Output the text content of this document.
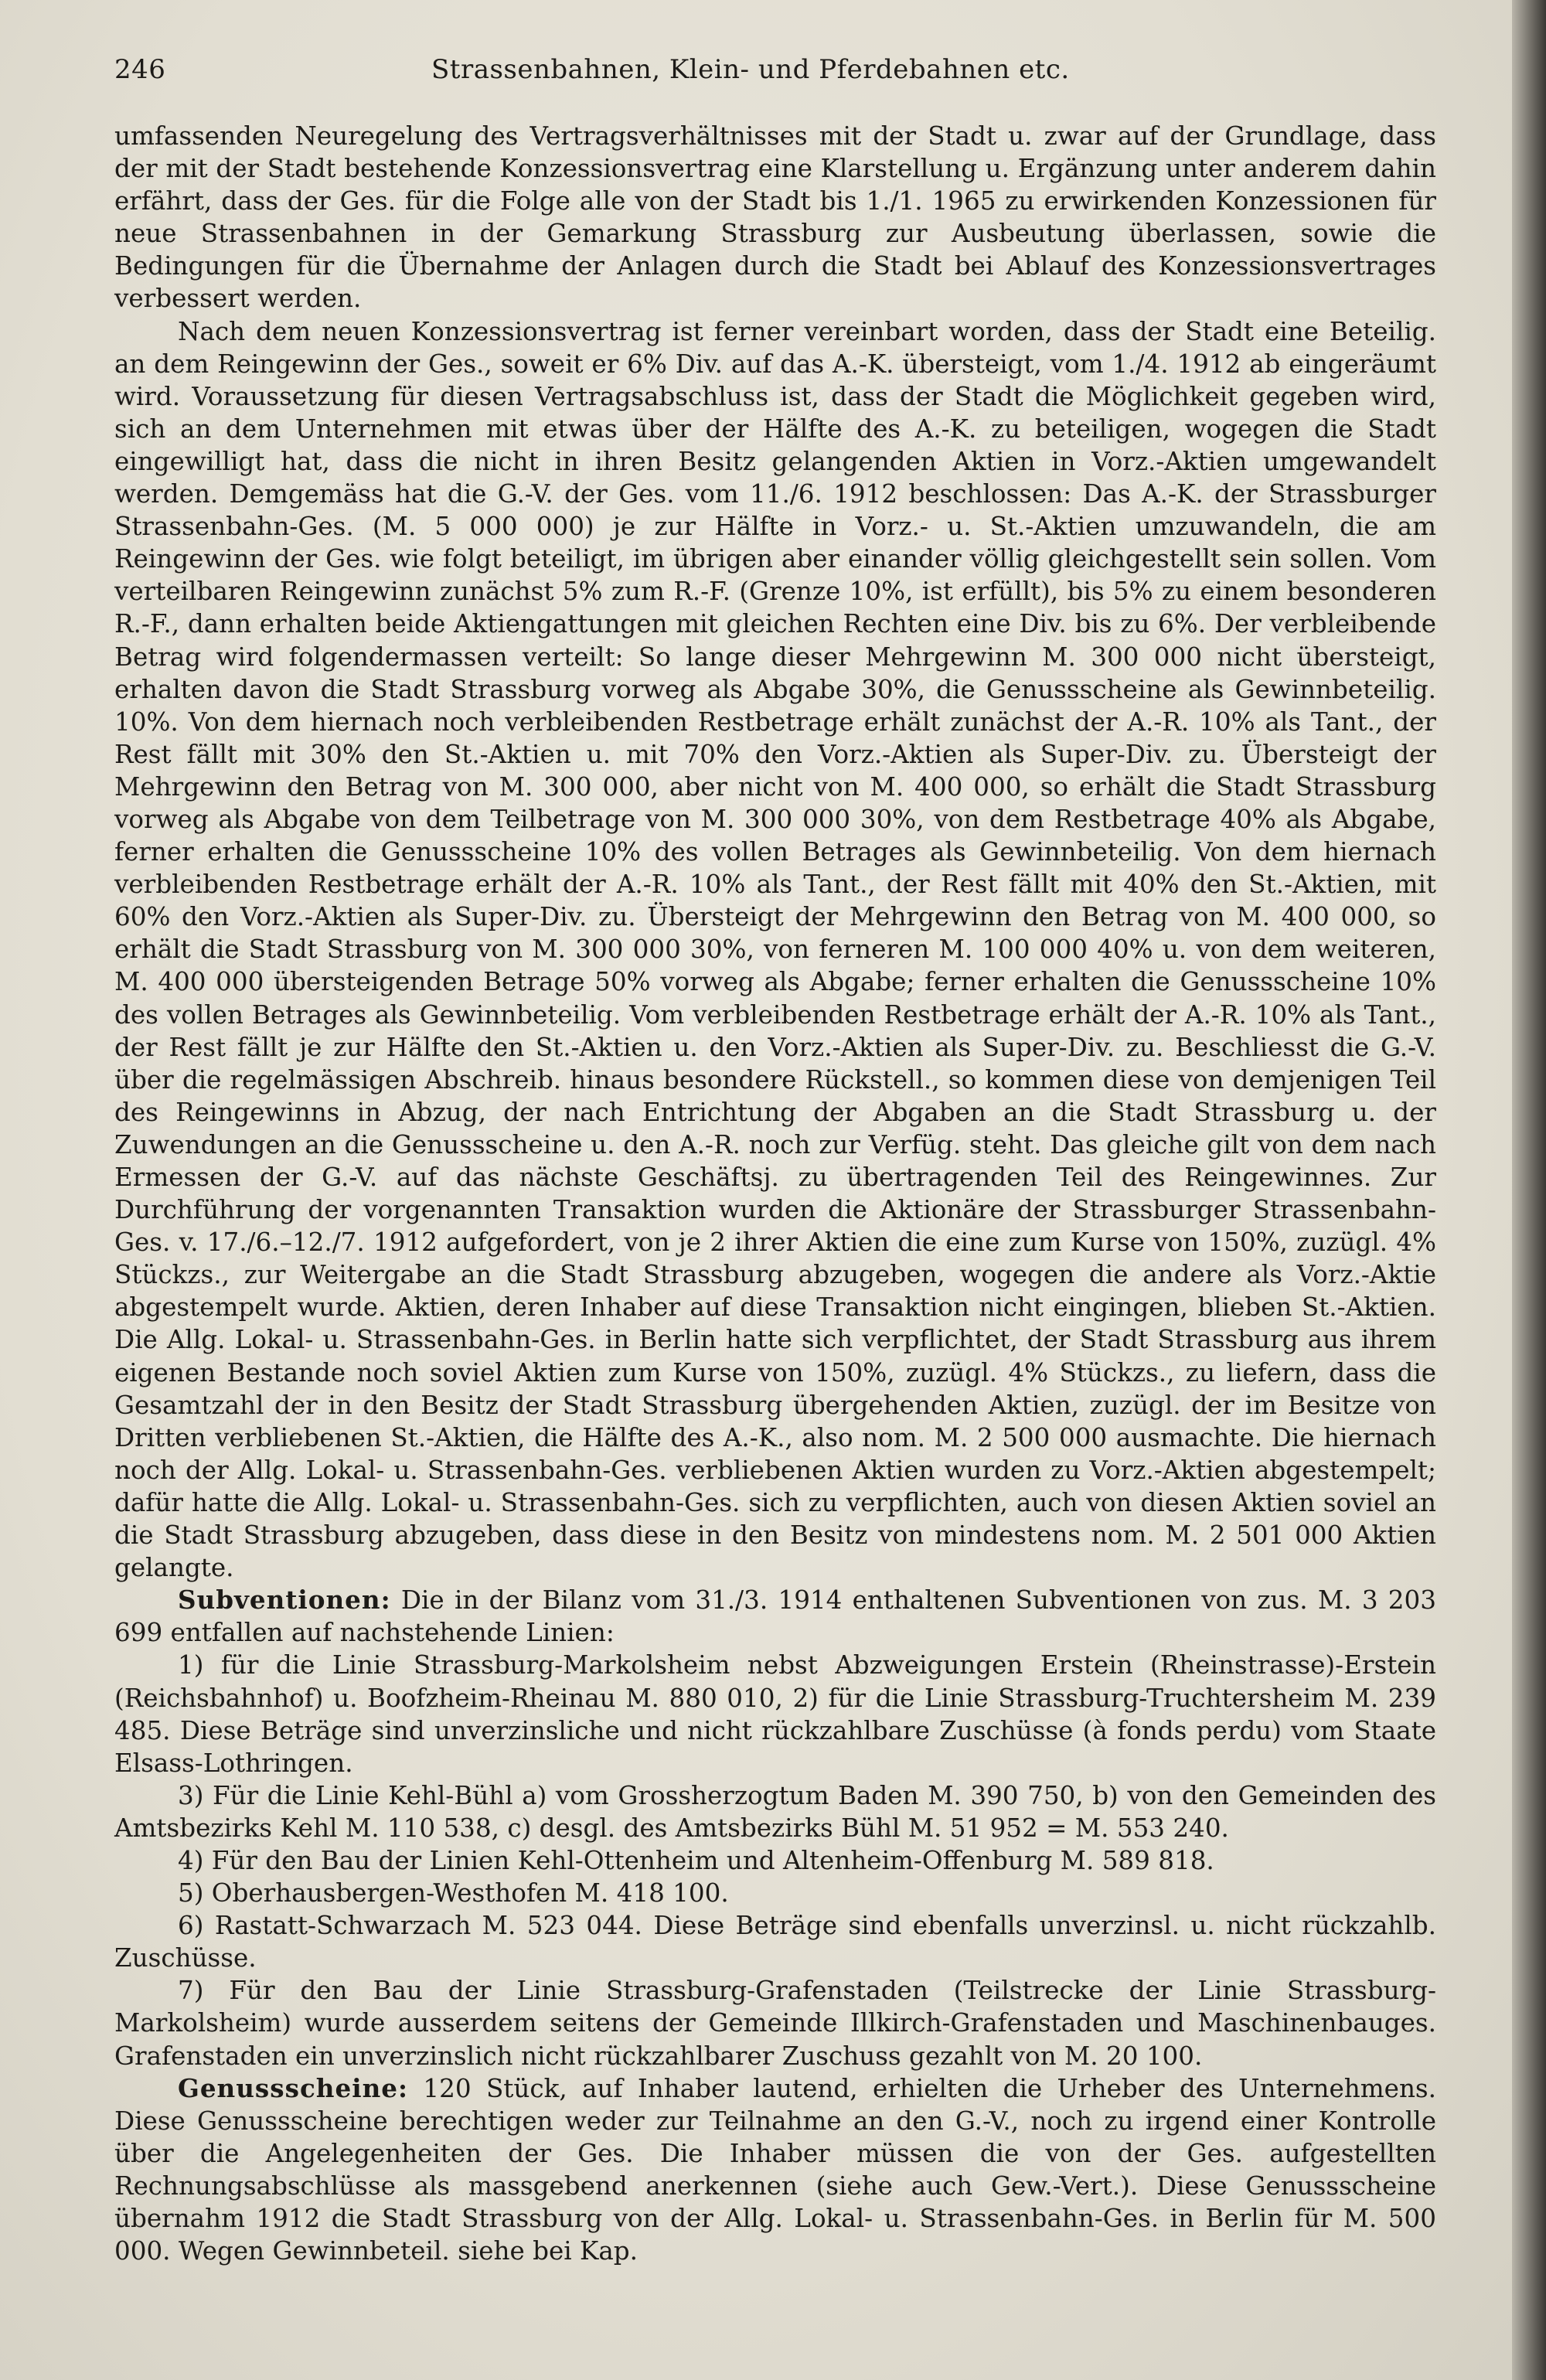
246	Strassenbahnen, Klein- und Pferdebahnen etc.

umfassenden Neuregelung des Vertragsverhältnisses mit der Stadt u. zwar auf der Grundlage, dass der mit der Stadt bestehende Konzessionsvertrag eine Klarstellung u. Ergänzung unter anderem dahin erfährt, dass der Ges. für die Folge alle von der Stadt bis 1./1. 1965 zu erwirkenden Konzessionen für neue Strassenbahnen in der Gemarkung Strassburg zur Ausbeutung überlassen, sowie die Bedingungen für die Übernahme der Anlagen durch die Stadt bei Ablauf des Konzessionsvertrages verbessert werden.

Nach dem neuen Konzessionsvertrag ist ferner vereinbart worden, dass der Stadt eine Beteilig. an dem Reingewinn der Ges., soweit er 6% Div. auf das A.-K. übersteigt, vom 1./4. 1912 ab eingeräumt wird. Voraussetzung für diesen Vertragsabschluss ist, dass der Stadt die Möglichkeit gegeben wird, sich an dem Unternehmen mit etwas über der Hälfte des A.-K. zu beteiligen, wogegen die Stadt eingewilligt hat, dass die nicht in ihren Besitz gelangenden Aktien in Vorz.-Aktien umgewandelt werden. Demgemäss hat die G.-V. der Ges. vom 11./6. 1912 beschlossen: Das A.-K. der Strassburger Strassenbahn-Ges. (M. 5 000 000) je zur Hälfte in Vorz.- u. St.-Aktien umzuwandeln, die am Reingewinn der Ges. wie folgt beteiligt, im übrigen aber einander völlig gleichgestellt sein sollen. Vom verteilbaren Reingewinn zunächst 5% zum R.-F. (Grenze 10%, ist erfüllt), bis 5% zu einem besonderen R.-F., dann erhalten beide Aktiengattungen mit gleichen Rechten eine Div. bis zu 6%. Der verbleibende Betrag wird folgendermassen verteilt: So lange dieser Mehrgewinn M. 300 000 nicht übersteigt, erhalten davon die Stadt Strassburg vorweg als Abgabe 30%, die Genussscheine als Gewinnbeteilig. 10%. Von dem hiernach noch verbleibenden Restbetrage erhält zunächst der A.-R. 10% als Tant., der Rest fällt mit 30% den St.-Aktien u. mit 70% den Vorz.-Aktien als Super-Div. zu. Übersteigt der Mehrgewinn den Betrag von M. 300 000, aber nicht von M. 400 000, so erhält die Stadt Strassburg vorweg als Abgabe von dem Teilbetrage von M. 300 000 30%, von dem Restbetrage 40% als Abgabe, ferner erhalten die Genussscheine 10% des vollen Betrages als Gewinnbeteilig. Von dem hiernach verbleibenden Restbetrage erhält der A.-R. 10% als Tant., der Rest fällt mit 40% den St.-Aktien, mit 60% den Vorz.-Aktien als Super-Div. zu. Übersteigt der Mehrgewinn den Betrag von M. 400 000, so erhält die Stadt Strassburg von M. 300 000 30%, von ferneren M. 100 000 40% u. von dem weiteren, M. 400 000 übersteigenden Betrage 50% vorweg als Abgabe; ferner erhalten die Genussscheine 10% des vollen Betrages als Gewinnbeteilig. Vom verbleibenden Restbetrage erhält der A.-R. 10% als Tant., der Rest fällt je zur Hälfte den St.-Aktien u. den Vorz.-Aktien als Super-Div. zu. Beschliesst die G.-V. über die regelmässigen Abschreib. hinaus besondere Rückstell., so kommen diese von demjenigen Teil des Reingewinns in Abzug, der nach Entrichtung der Abgaben an die Stadt Strassburg u. der Zuwendungen an die Genussscheine u. den A.-R. noch zur Verfüg. steht. Das gleiche gilt von dem nach Ermessen der G.-V. auf das nächste Geschäftsj. zu übertragenden Teil des Reingewinnes. Zur Durchführung der vorgenannten Transaktion wurden die Aktionäre der Strassburger Strassenbahn-Ges. v. 17./6.–12./7. 1912 aufgefordert, von je 2 ihrer Aktien die eine zum Kurse von 150%, zuzügl. 4% Stückzs., zur Weitergabe an die Stadt Strassburg abzugeben, wogegen die andere als Vorz.-Aktie abgestempelt wurde. Aktien, deren Inhaber auf diese Transaktion nicht eingingen, blieben St.-Aktien. Die Allg. Lokal- u. Strassenbahn-Ges. in Berlin hatte sich verpflichtet, der Stadt Strassburg aus ihrem eigenen Bestande noch soviel Aktien zum Kurse von 150%, zuzügl. 4% Stückzs., zu liefern, dass die Gesamtzahl der in den Besitz der Stadt Strassburg übergehenden Aktien, zuzügl. der im Besitze von Dritten verbliebenen St.-Aktien, die Hälfte des A.-K., also nom. M. 2 500 000 ausmachte. Die hiernach noch der Allg. Lokal- u. Strassenbahn-Ges. verbliebenen Aktien wurden zu Vorz.-Aktien abgestempelt; dafür hatte die Allg. Lokal- u. Strassenbahn-Ges. sich zu verpflichten, auch von diesen Aktien soviel an die Stadt Strassburg abzugeben, dass diese in den Besitz von mindestens nom. M. 2 501 000 Aktien gelangte.

Subventionen: Die in der Bilanz vom 31./3. 1914 enthaltenen Subventionen von zus. M. 3 203 699 entfallen auf nachstehende Linien:

1) für die Linie Strassburg-Markolsheim nebst Abzweigungen Erstein (Rheinstrasse)-Erstein (Reichsbahnhof) u. Boofzheim-Rheinau M. 880 010, 2) für die Linie Strassburg-Truchtersheim M. 239 485. Diese Beträge sind unverzinsliche und nicht rückzahlbare Zuschüsse (à fonds perdu) vom Staate Elsass-Lothringen.

3) Für die Linie Kehl-Bühl a) vom Grossherzogtum Baden M. 390 750, b) von den Gemeinden des Amtsbezirks Kehl M. 110 538, c) desgl. des Amtsbezirks Bühl M. 51 952 = M. 553 240.

4) Für den Bau der Linien Kehl-Ottenheim und Altenheim-Offenburg M. 589 818.

5) Oberhausbergen-Westhofen M. 418 100.

6) Rastatt-Schwarzach M. 523 044. Diese Beträge sind ebenfalls unverzinsl. u. nicht rückzahlb. Zuschüsse.

7) Für den Bau der Linie Strassburg-Grafenstaden (Teilstrecke der Linie Strassburg-Markolsheim) wurde ausserdem seitens der Gemeinde Illkirch-Grafenstaden und Maschinenbauges. Grafenstaden ein unverzinslich nicht rückzahlbarer Zuschuss gezahlt von M. 20 100.

Genussscheine: 120 Stück, auf Inhaber lautend, erhielten die Urheber des Unternehmens. Diese Genussscheine berechtigen weder zur Teilnahme an den G.-V., noch zu irgend einer Kontrolle über die Angelegenheiten der Ges. Die Inhaber müssen die von der Ges. aufgestellten Rechnungsabschlüsse als massgebend anerkennen (siehe auch Gew.-Vert.). Diese Genussscheine übernahm 1912 die Stadt Strassburg von der Allg. Lokal- u. Strassenbahn-Ges. in Berlin für M. 500 000. Wegen Gewinnbeteil. siehe bei Kap.
